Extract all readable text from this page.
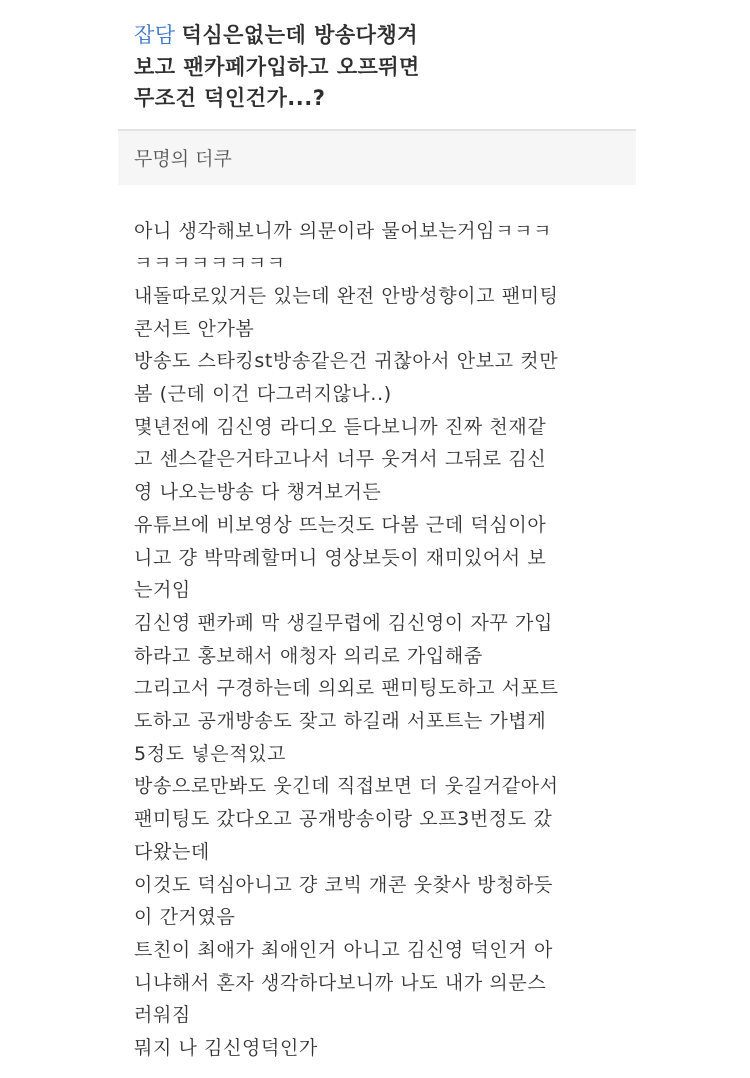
잡담 덕심은없는데 방송다챙겨
보고 팬카페가입하고 오프뛰면
무조건 덕인건가...?
무명의 더쿠
아니 생각해보니까 의문이라 물어보는거임ㅋㅋㅋ
ㅋㅋㅋㅋㅋㅋㅋㅋ
내돌따로있거든 있는데 완전 안방성향이고 팬미팅
콘서트 안가봄
방송도 스타킹st방송같은건 귀찮아서 안보고 컷만
봄 (근데 이건 다그러지않나..)
몇년전에 김신영 라디오 듣다보니까 진짜 천재같
고 센스같은거타고나서 너무 웃겨서 그뒤로 김신
영 나오는방송 다 챙겨보거든
유튜브에 비보영상 뜨는것도 다봄 근데 덕심이아
니고 걍 박막례할머니 영상보듯이 재미있어서 보
는거임
김신영 팬카페 막 생길무렵에 김신영이 자꾸 가입
하라고 홍보해서 애청자 의리로 가입해줌
그리고서 구경하는데 의외로 팬미팅도하고 서포트
도하고 공개방송도 잦고 하길래 서포트는 가볍게
5정도 넣은적있고
방송으로만봐도 웃긴데 직접보면 더 웃길거같아서
팬미팅도 갔다오고 공개방송이랑 오프3번정도 갔
다왔는데
이것도 덕심아니고 걍 코빅 개콘 웃찾사 방청하듯
이 간거였음
트친이 최애가 최애인거 아니고 김신영 덕인거 아
니냐해서 혼자 생각하다보니까 나도 내가 의문스
러워짐
뭐지 나 김신영덕인가
